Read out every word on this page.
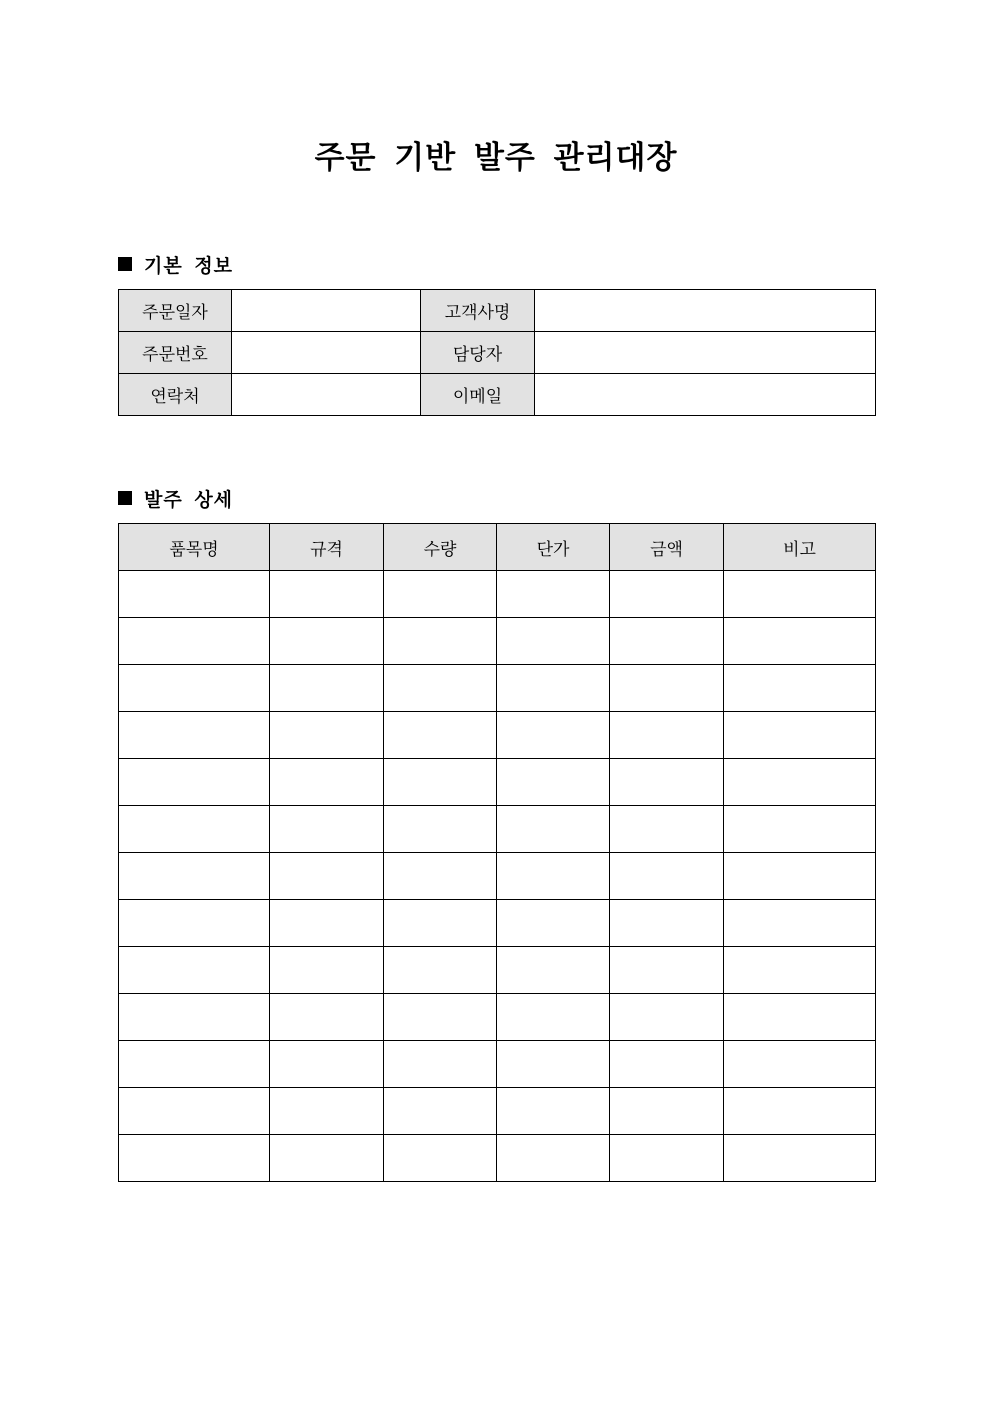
주문 기반 발주 관리대장
기본 정보
주문일자		고객사명	
주문번호		담당자	
연락처		이메일	
발주 상세
품목명	규격	수량	단가	금액	비고
